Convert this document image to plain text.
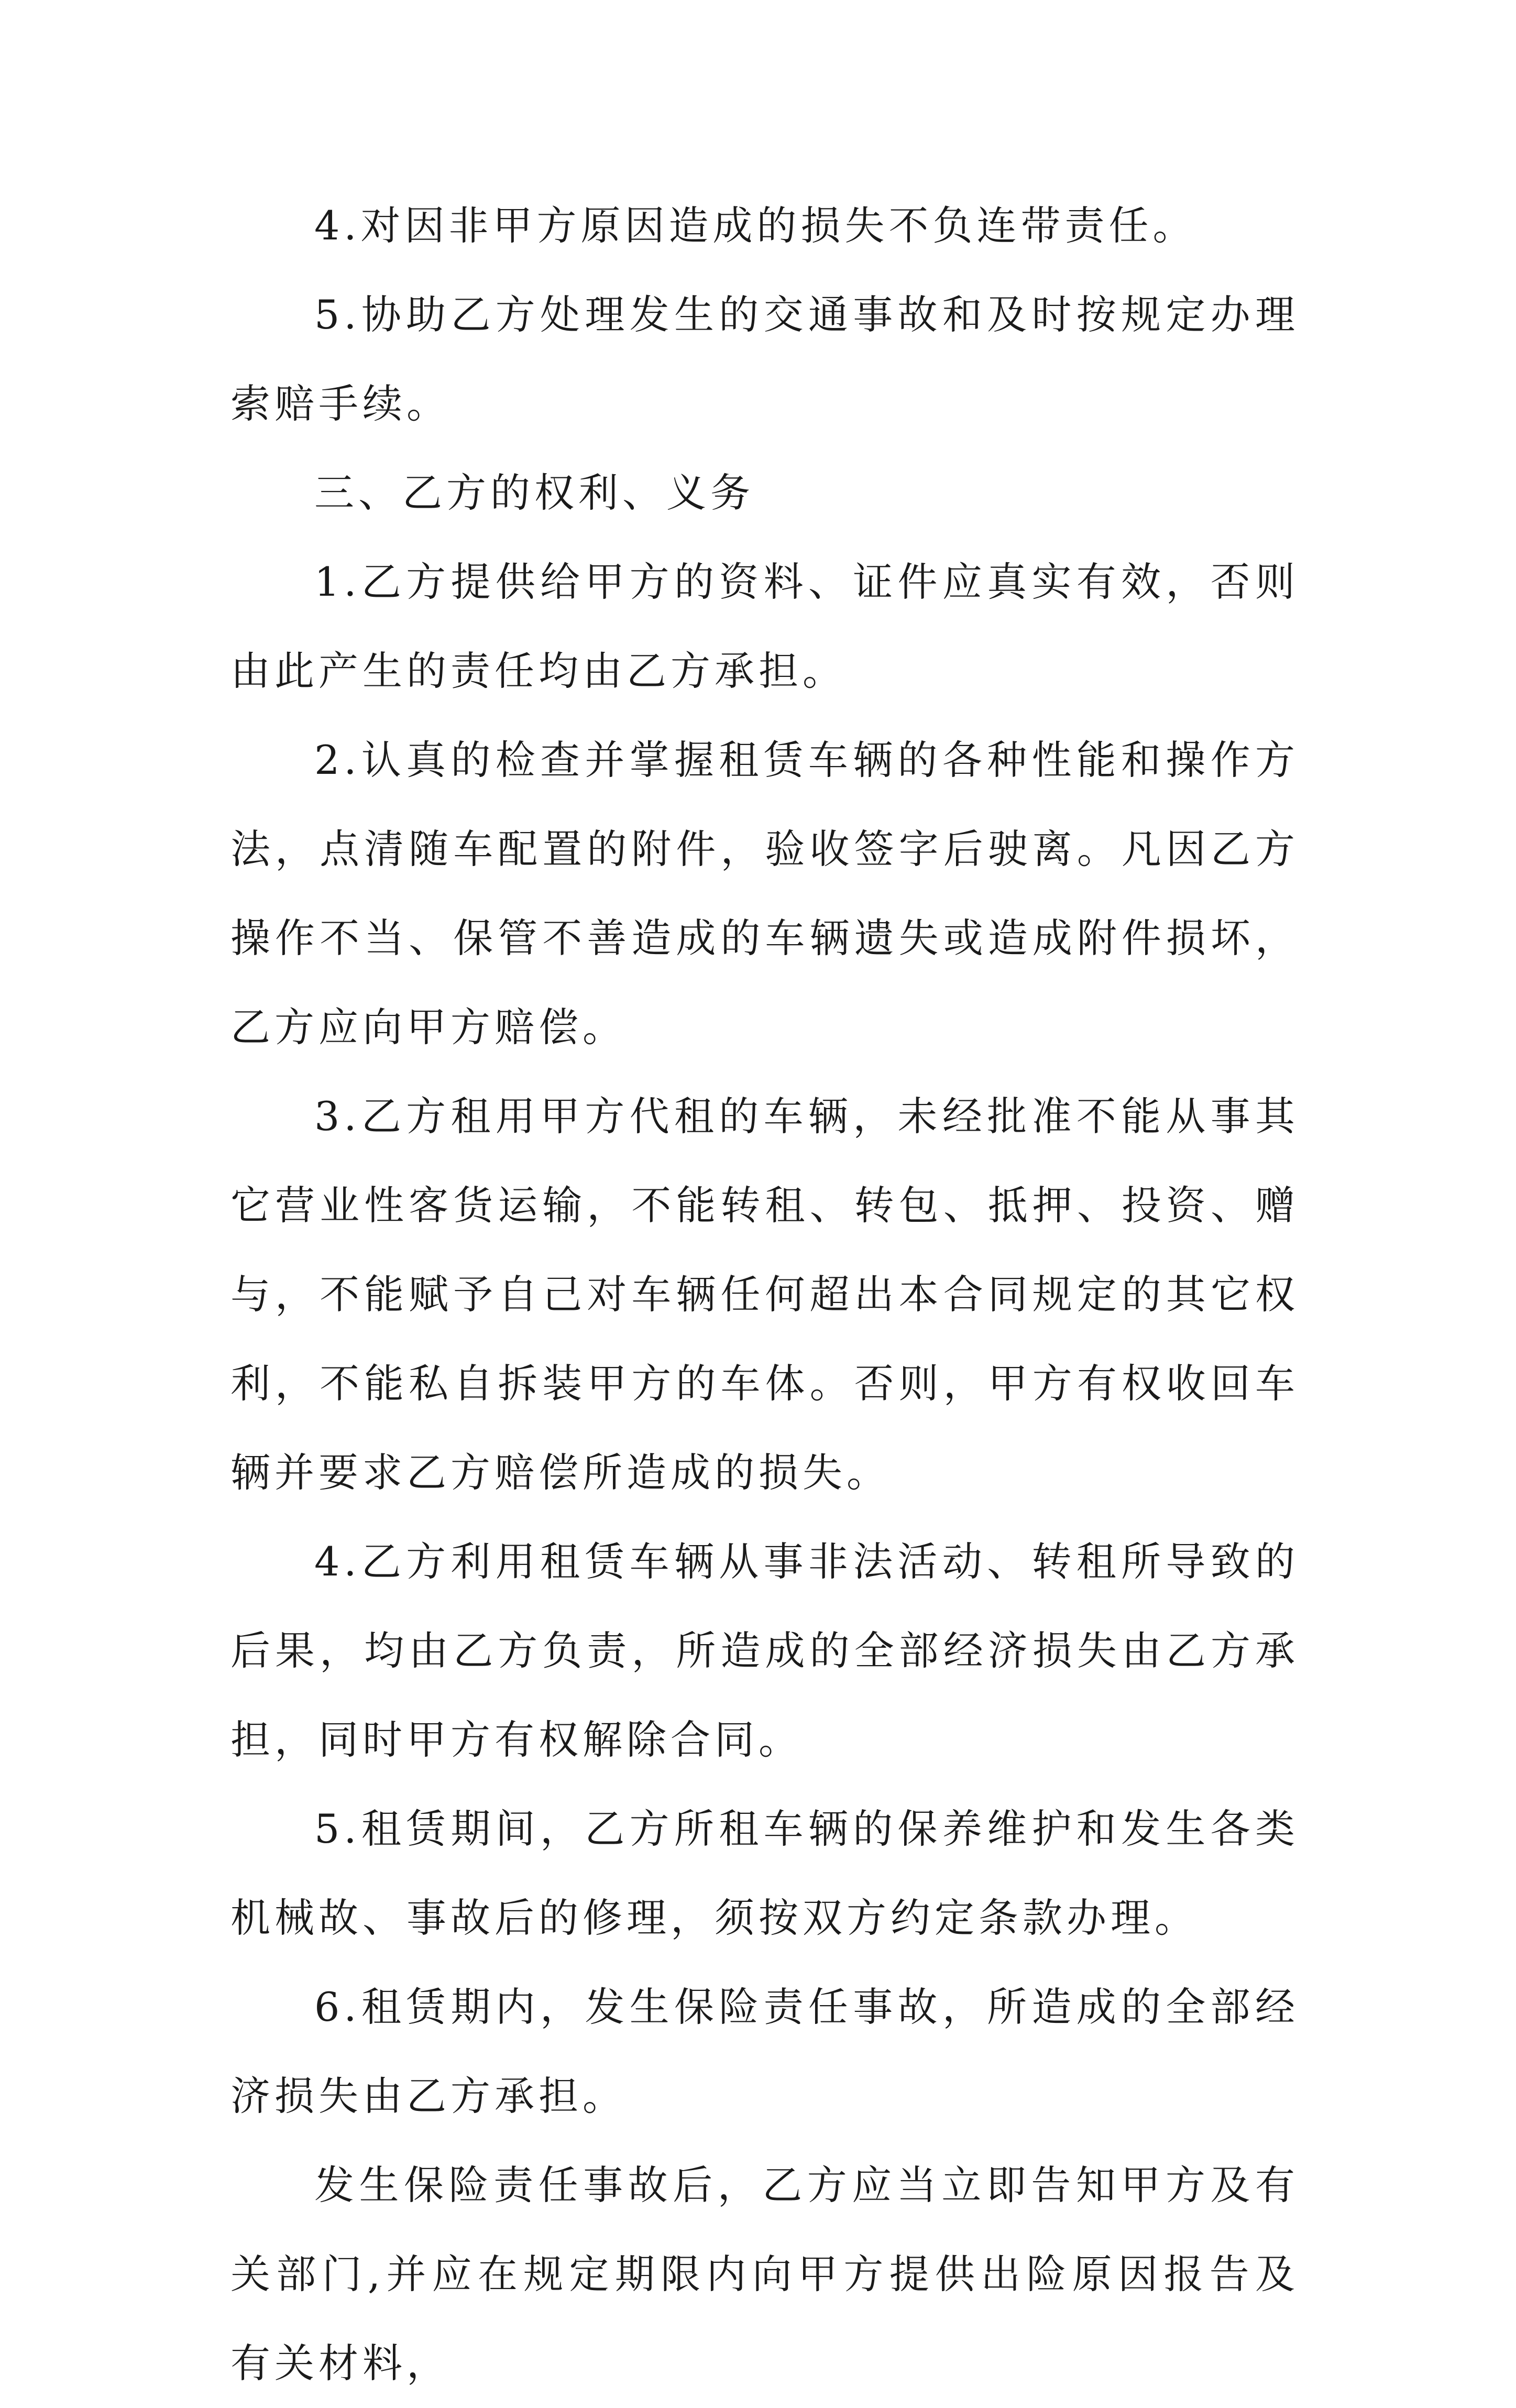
4.对因非甲方原因造成的损失不负连带责任。

5.协助乙方处理发生的交通事故和及时按规定办理索赔手续。

三、乙方的权利、义务

1.乙方提供给甲方的资料、证件应真实有效，否则由此产生的责任均由乙方承担。

2.认真的检查并掌握租赁车辆的各种性能和操作方法，点清随车配置的附件，验收签字后驶离。凡因乙方操作不当、保管不善造成的车辆遗失或造成附件损坏，乙方应向甲方赔偿。

3.乙方租用甲方代租的车辆，未经批准不能从事其它营业性客货运输，不能转租、转包、抵押、投资、赠与，不能赋予自己对车辆任何超出本合同规定的其它权利，不能私自拆装甲方的车体。否则，甲方有权收回车辆并要求乙方赔偿所造成的损失。

4.乙方利用租赁车辆从事非法活动、转租所导致的后果，均由乙方负责，所造成的全部经济损失由乙方承担，同时甲方有权解除合同。

5.租赁期间，乙方所租车辆的保养维护和发生各类机械故、事故后的修理，须按双方约定条款办理。

6.租赁期内，发生保险责任事故，所造成的全部经济损失由乙方承担。

发生保险责任事故后，乙方应当立即告知甲方及有关部门,并应在规定期限内向甲方提供出险原因报告及有关材料，
